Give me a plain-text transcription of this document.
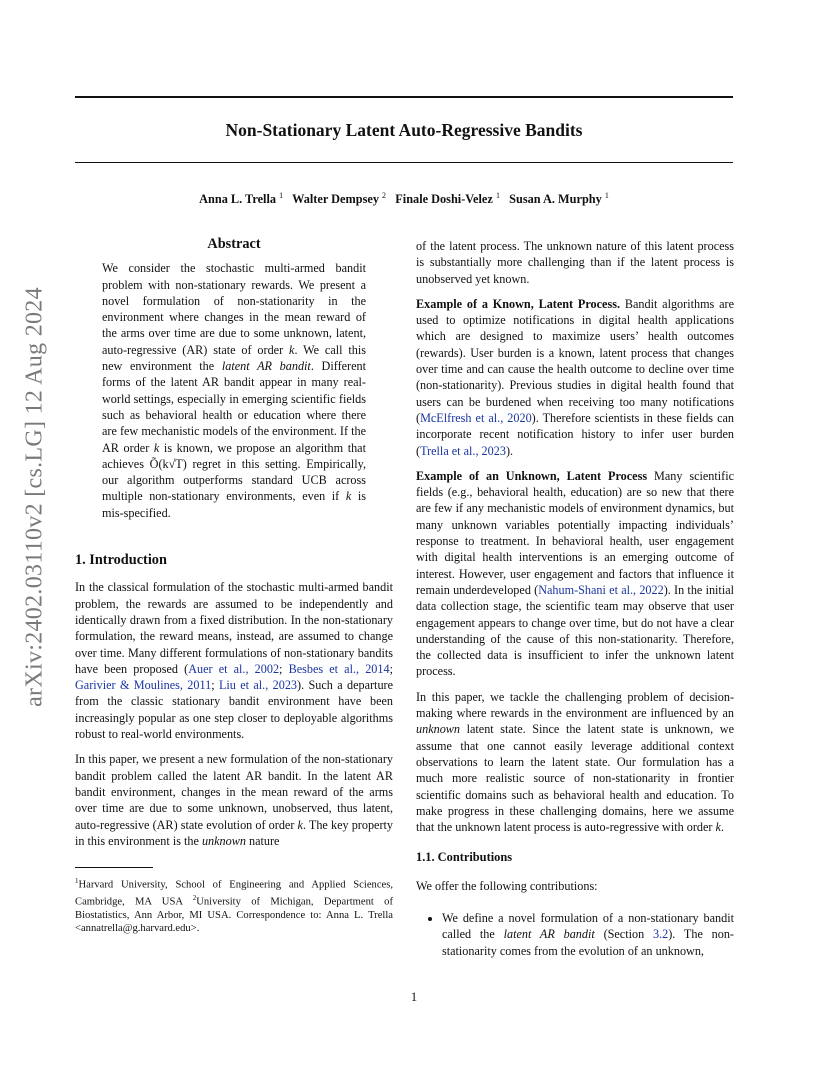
Non-Stationary Latent Auto-Regressive Bandits
Anna L. Trella $^1$ Walter Dempsey $^2$ Finale Doshi-Velez $^1$ Susan A. Murphy $^1$
arXiv:2402.03110v2 [cs.LG] 12 Aug 2024
Abstract
We consider the stochastic multi-armed bandit problem with non-stationary rewards. We present a novel formulation of non-stationarity in the environment where changes in the mean reward of the arms over time are due to some unknown, latent, auto-regressive (AR) state of order k. We call this new environment the latent AR bandit. Different forms of the latent AR bandit appear in many real-world settings, especially in emerging scientific fields such as behavioral health or education where there are few mechanistic models of the environment. If the AR order k is known, we propose an algorithm that achieves Õ(k√T) regret in this setting. Empirically, our algorithm outperforms standard UCB across multiple non-stationary environments, even if k is mis-specified.
1. Introduction

In the classical formulation of the stochastic multi-armed bandit problem, the rewards are assumed to be independently and identically drawn from a fixed distribution. In the non-stationary formulation, the reward means, instead, are assumed to change over time. Many different formulations of non-stationary bandits have been proposed (Auer et al., 2002; Besbes et al., 2014; Garivier & Moulines, 2011; Liu et al., 2023). Such a departure from the classic stationary bandit environment have been increasingly popular as one step closer to deployable algorithms robust to real-world environments.

In this paper, we present a new formulation of the non-stationary bandit problem called the latent AR bandit. In the latent AR bandit environment, changes in the mean reward of the arms over time are due to some unknown, unobserved, thus latent, auto-regressive (AR) state evolution of order k. The key property in this environment is the unknown nature

$^1$Harvard University, School of Engineering and Applied Sciences, Cambridge, MA USA $^2$University of Michigan, Department of Biostatistics, Ann Arbor, MI USA. Correspondence to: Anna L. Trella <annatrella@g.harvard.edu>.

of the latent process. The unknown nature of this latent process is substantially more challenging than if the latent process is unobserved yet known.

Example of a Known, Latent Process. Bandit algorithms are used to optimize notifications in digital health applications which are designed to maximize users’ health outcomes (rewards). User burden is a known, latent process that changes over time and can cause the health outcome to decline over time (non-stationarity). Previous studies in digital health found that users can be burdened when receiving too many notifications (McElfresh et al., 2020). Therefore scientists in these fields can incorporate recent notification history to infer user burden (Trella et al., 2023).

Example of an Unknown, Latent Process Many scientific fields (e.g., behavioral health, education) are so new that there are few if any mechanistic models of environment dynamics, but many unknown variables potentially impacting individuals’ response to treatment. In behavioral health, user engagement with digital health interventions is an emerging outcome of interest. However, user engagement and factors that influence it remain underdeveloped (Nahum-Shani et al., 2022). In the initial data collection stage, the scientific team may observe that user engagement appears to change over time, but do not have a clear understanding of the cause of this non-stationarity. Therefore, the collected data is insufficient to infer the unknown latent process.

In this paper, we tackle the challenging problem of decision-making where rewards in the environment are influenced by an unknown latent state. Since the latent state is unknown, we assume that one cannot easily leverage additional context observations to learn the latent state. Our formulation has a much more realistic source of non-stationarity in frontier scientific domains such as behavioral health and education. To make progress in these challenging domains, here we assume that the unknown latent process is auto-regressive with order k.

1.1. Contributions

We offer the following contributions:

• We define a novel formulation of a non-stationary bandit called the latent AR bandit (Section 3.2). The non-stationarity comes from the evolution of an unknown,
1
